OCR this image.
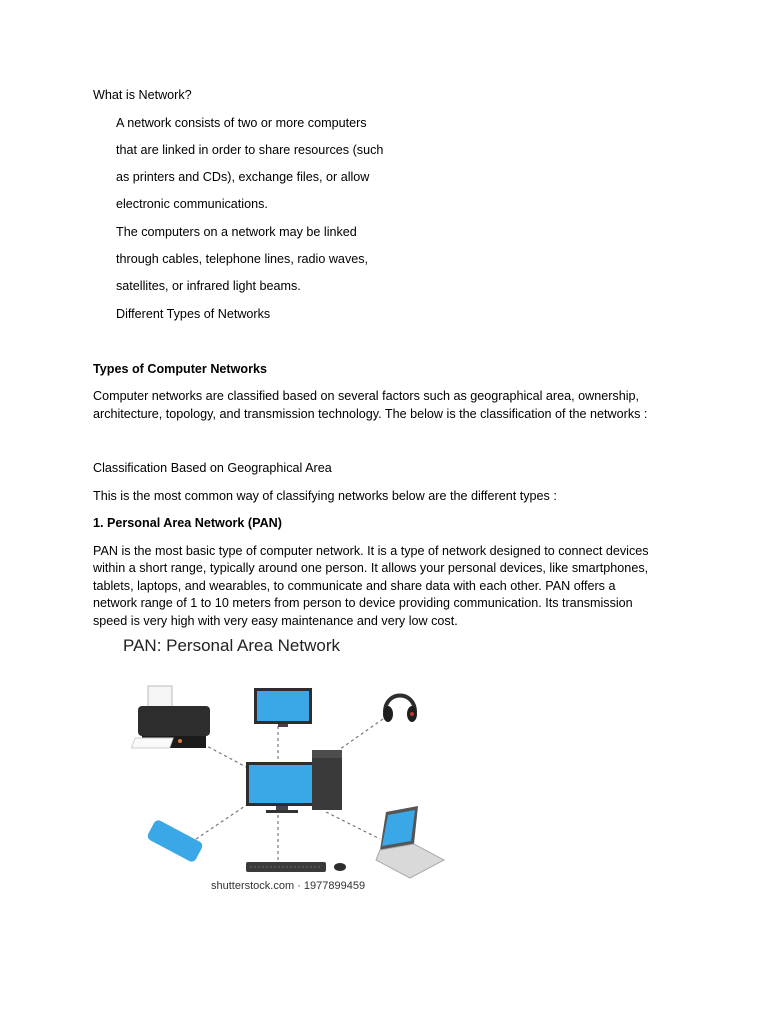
What is Network?

A network consists of two or more computers

that are linked in order to share resources (such

as printers and CDs), exchange files, or allow

electronic communications.

The computers on a network may be linked

through cables, telephone lines, radio waves,

satellites, or infrared light beams.

Different Types of Networks

Types of Computer Networks

Computer networks are classified based on several factors such as geographical area, ownership,

architecture, topology, and transmission technology. The below is the classification of the networks :

Classification Based on Geographical Area

This is the most common way of classifying networks below are the different types :

1. Personal Area Network (PAN)

PAN is the most basic type of computer network. It is a type of network designed to connect devices

within a short range, typically around one person. It allows your personal devices, like smartphones,

tablets, laptops, and wearables, to communicate and share data with each other. PAN offers a

network range of 1 to 10 meters from person to device providing communication. Its transmission

speed is very high with very easy maintenance and very low cost.

PAN: Personal Area Network
shutterstock.com · 1977899459
